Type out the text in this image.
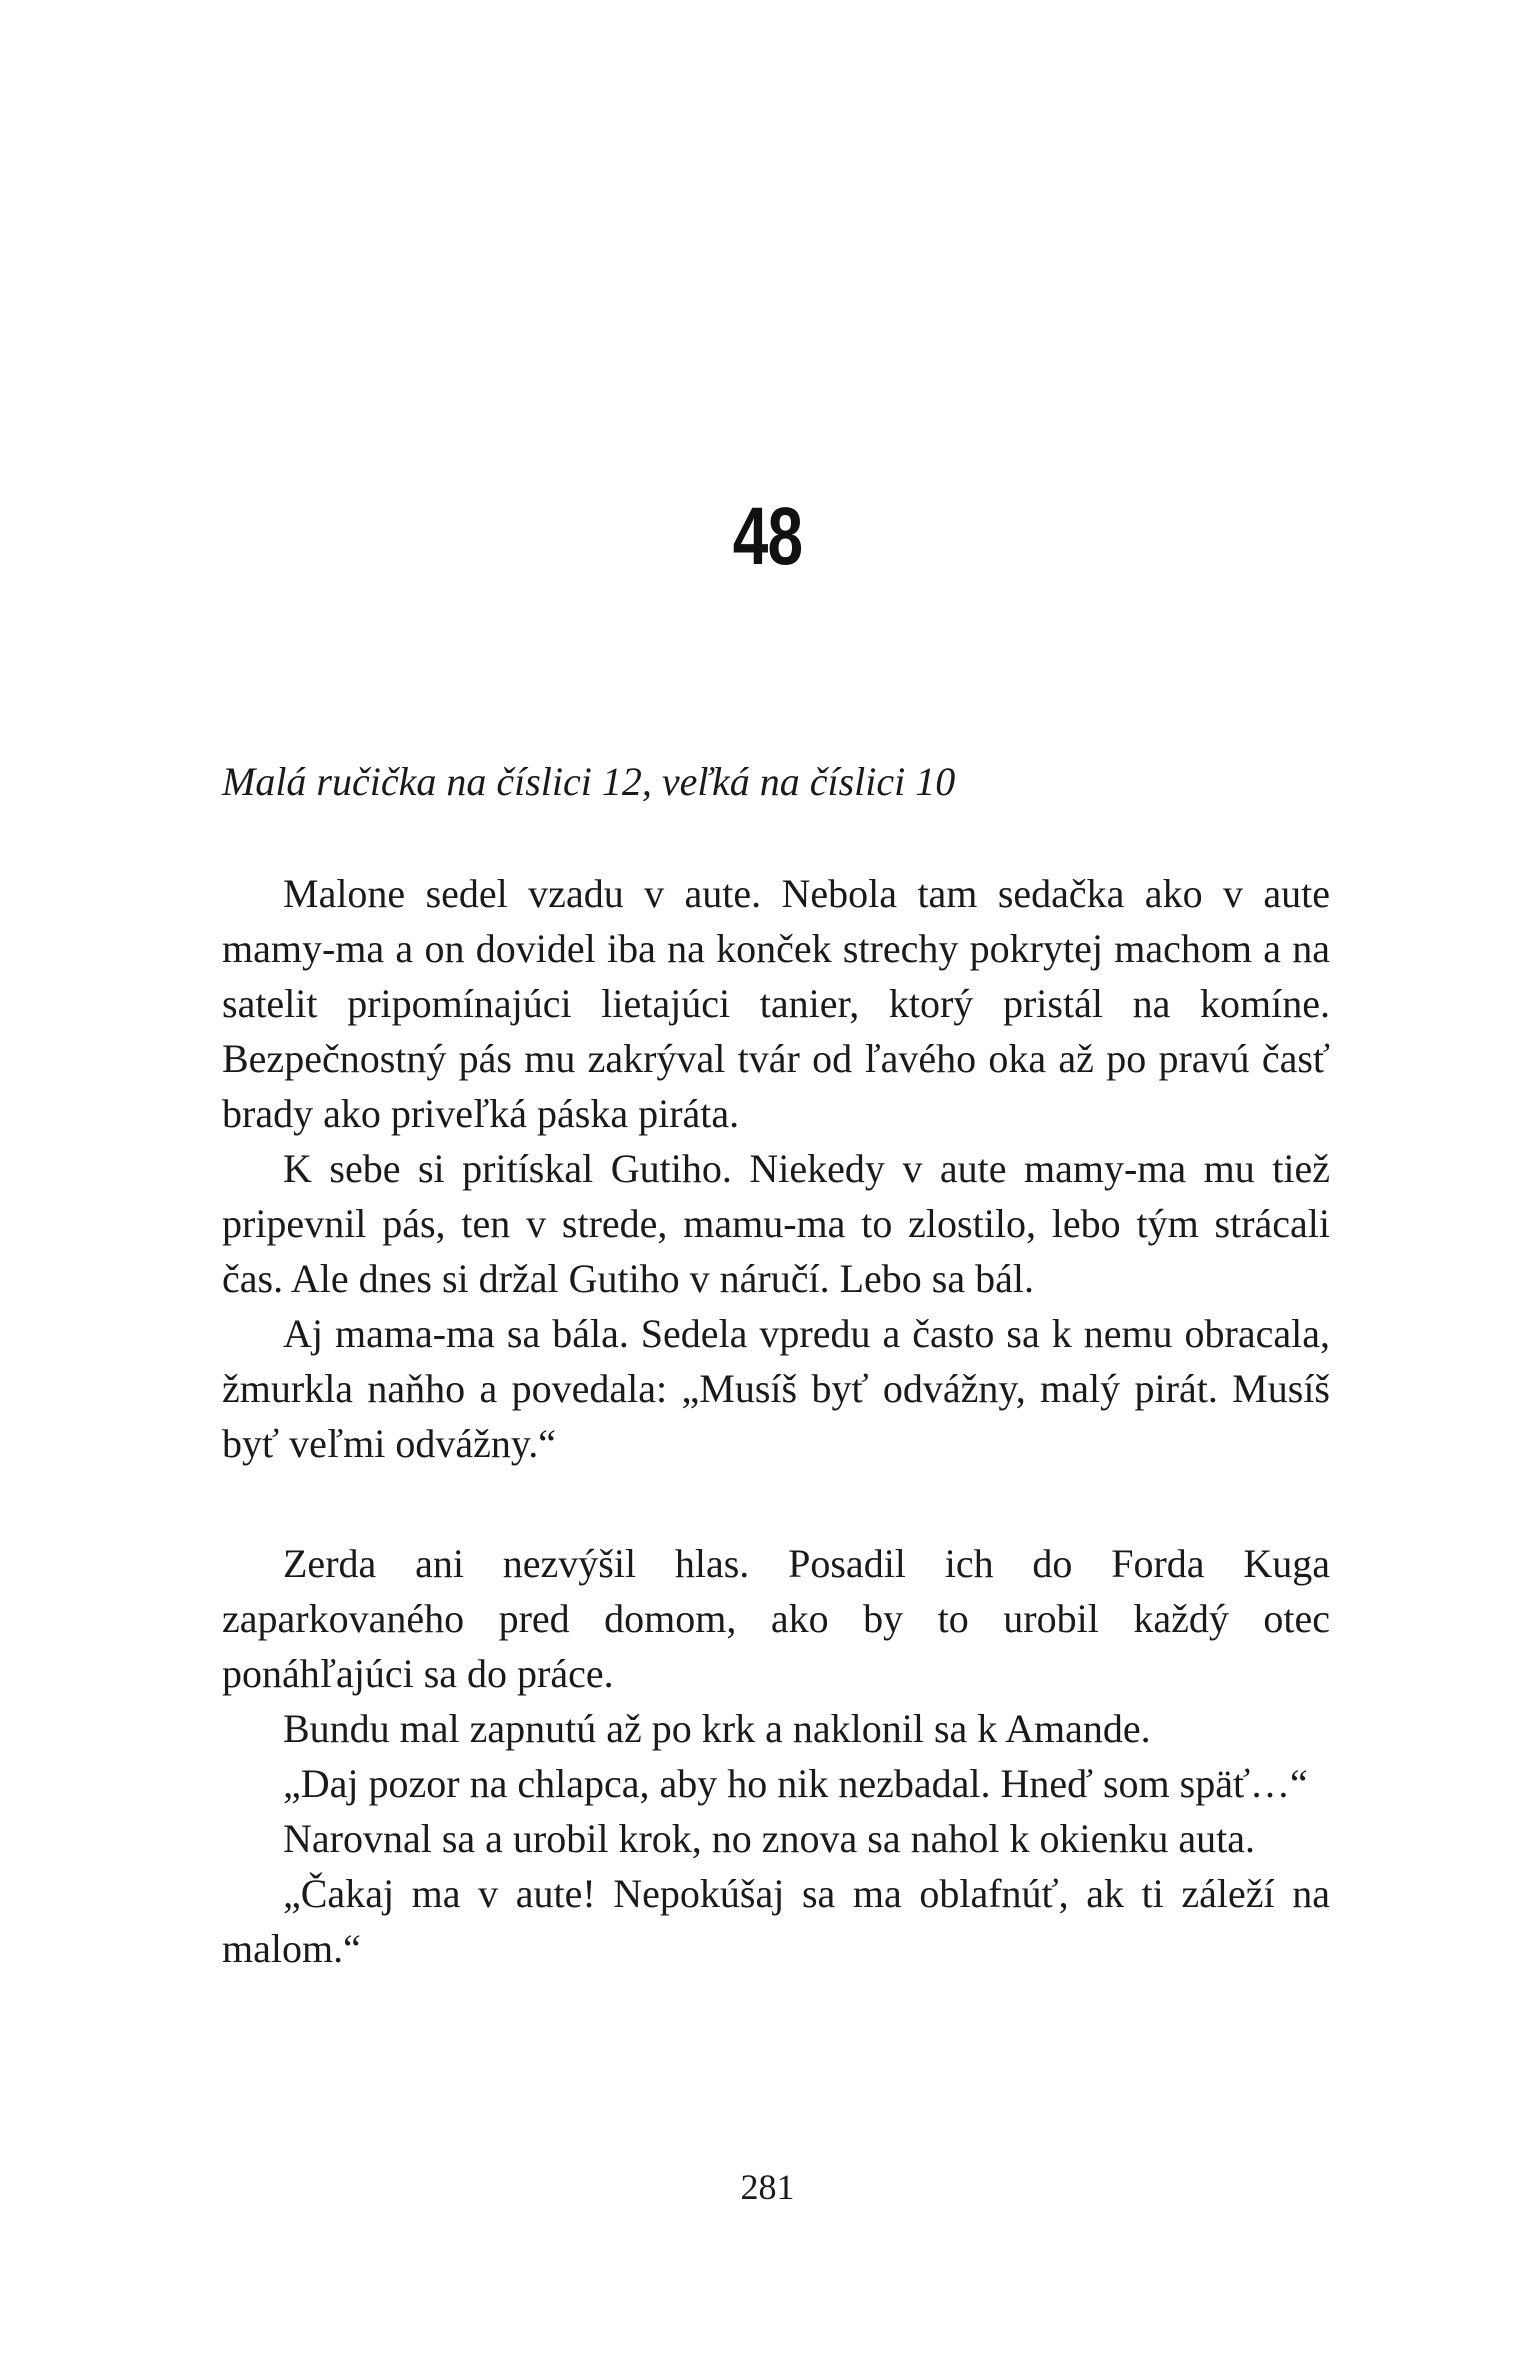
48

Malá ručička na číslici 12, veľká na číslici 10

Malone sedel vzadu v aute. Nebola tam sedačka ako v aute mamy-ma a on dovidel iba na konček strechy pokrytej machom a na satelit pripomínajúci lietajúci tanier, ktorý pristál na komíne. Bezpečnostný pás mu zakrýval tvár od ľavého oka až po pravú časť brady ako priveľká páska piráta.

K sebe si pritískal Gutiho. Niekedy v aute mamy-ma mu tiež pripevnil pás, ten v strede, mamu-ma to zlostilo, lebo tým strácali čas. Ale dnes si držal Gutiho v náručí. Lebo sa bál.

Aj mama-ma sa bála. Sedela vpredu a často sa k nemu obracala, žmurkla naňho a povedala: „Musíš byť odvážny, malý pirát. Musíš byť veľmi odvážny.“

Zerda ani nezvýšil hlas. Posadil ich do Forda Kuga zaparkovaného pred domom, ako by to urobil každý otec ponáhľajúci sa do práce.

Bundu mal zapnutú až po krk a naklonil sa k Amande.

„Daj pozor na chlapca, aby ho nik nezbadal. Hneď som späť…“

Narovnal sa a urobil krok, no znova sa nahol k okienku auta.

„Čakaj ma v aute! Nepokúšaj sa ma oblafnúť, ak ti záleží na malom.“

281
